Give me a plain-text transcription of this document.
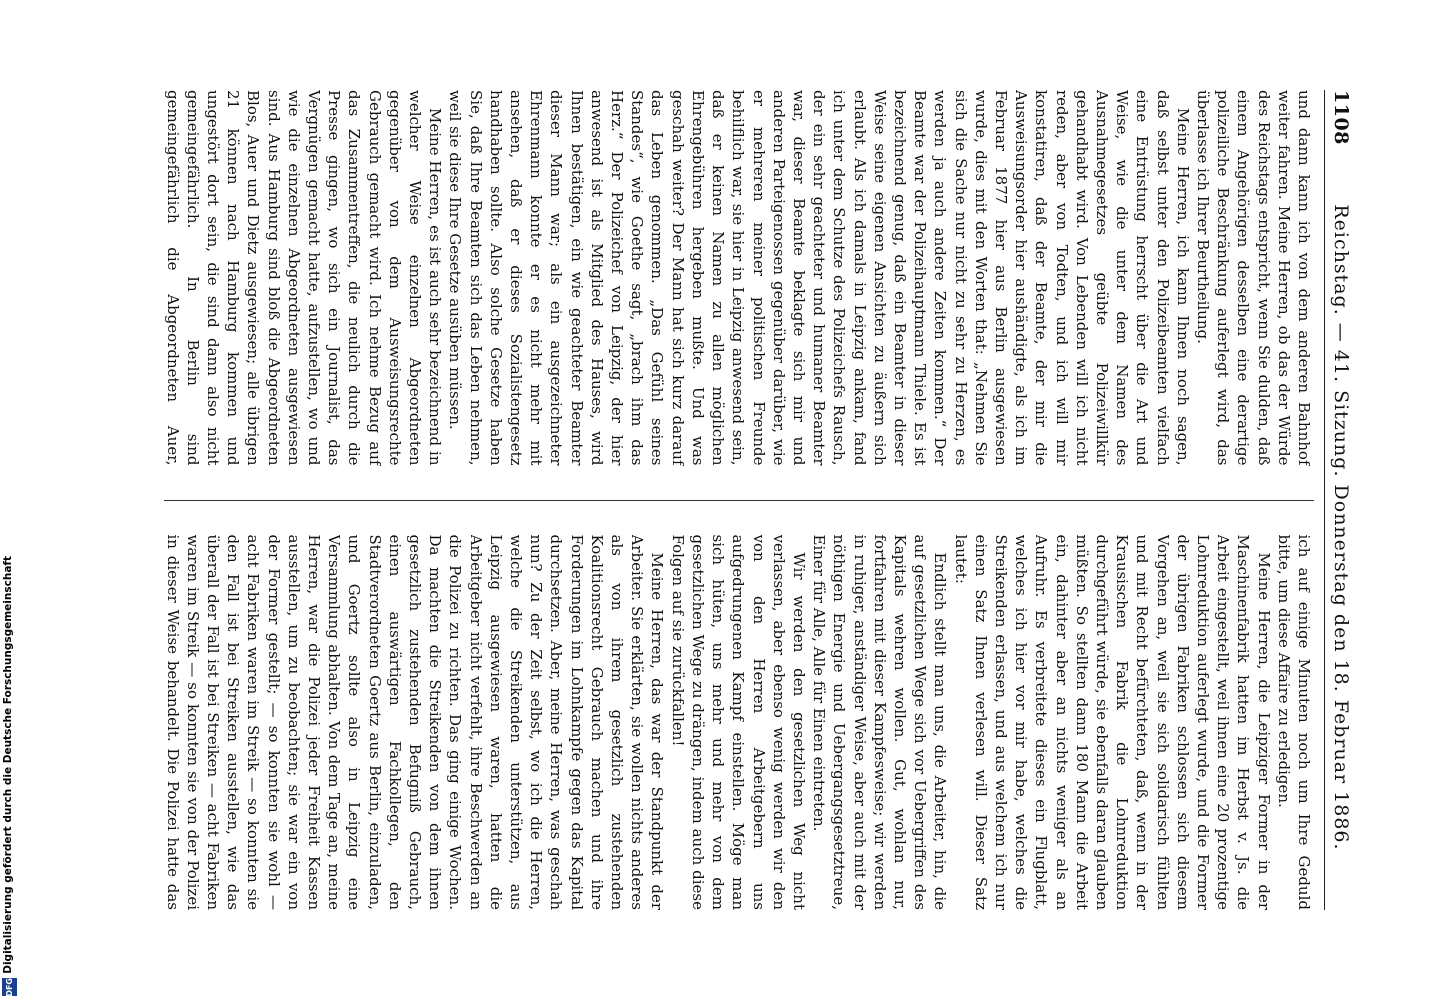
1108
Reichstag. — 41. Sitzung. Donnerstag den 18. Februar 1886.

und dann kann ich von dem anderen Bahnhof weiter fahren. Meine Herren, ob das der Würde des Reichstags entspricht, wenn Sie dulden, daß einem Angehörigen desselben eine derartige polizeiliche Beschränkung auferlegt wird, das überlasse ich Ihrer Beurtheilung.

Meine Herren, ich kann Ihnen noch sagen, daß selbst unter den Polizeibeamten vielfach eine Entrüstung herrscht über die Art und Weise, wie die unter dem Namen des Ausnahmegesetzes geübte Polizeiwillkür gehandhabt wird. Von Lebenden will ich nicht reden, aber von Todten, und ich will mir konstatiren, daß der Beamte, der mir die Ausweisungsorder hier aushändigte, als ich im Februar 1877 hier aus Berlin ausgewiesen wurde, dies mit den Worten that: „Nehmen Sie sich die Sache nur nicht zu sehr zu Herzen, es werden ja auch andere Zeiten kommen.“ Der Beamte war der Polizeihauptmann Thiele. Es ist bezeichnend genug, daß ein Beamter in dieser Weise seine eigenen Ansichten zu äußern sich erlaubt. Als ich damals in Leipzig ankam, fand ich unter dem Schutze des Polizeichefs Rausch, der ein sehr geachteter und humaner Beamter war, dieser Beamte beklagte sich mir und anderen Parteigenossen gegenüber darüber, wie er mehreren meiner politischen Freunde behilflich war, sie hier in Leipzig anwesend sein, daß er keinen Namen zu allen möglichen Ehrengebühren hergeben mußte. Und was geschah weiter? Der Mann hat sich kurz darauf das Leben genommen. „Das Gefühl seines Standes“, wie Goethe sagt, „brach ihm das Herz.“ Der Polizeichef von Leipzig, der hier anwesend ist als Mitglied des Hauses, wird Ihnen bestätigen, ein wie geachteter Beamter dieser Mann war; als ein ausgezeichneter Ehrenmann konnte er es nicht mehr mit ansehen, daß er dieses Sozialistengesetz handhaben sollte. Also solche Gesetze haben Sie, daß Ihre Beamten sich das Leben nehmen, weil sie diese Ihre Gesetze ausüben müssen.

Meine Herren, es ist auch sehr bezeichnend in welcher Weise einzelnen Abgeordneten gegenüber von dem Ausweisungsrechte Gebrauch gemacht wird. Ich nehme Bezug auf das Zusammentreffen, die neulich durch die Presse gingen, wo sich ein Journalist, das Vergnügen gemacht hatte, aufzustellen, wo und wie die einzelnen Abgeordneten ausgewiesen sind. Aus Hamburg sind bloß die Abgeordneten Blos, Auer und Dietz ausgewiesen; alle übrigen 21 können nach Hamburg kommen und ungestört dort sein, die sind dann also nicht gemeingefährlich. In Berlin sind gemeingefährlich die Abgeordneten Auer,

ich auf einige Minuten noch um Ihre Geduld bitte, um diese Affaire zu erledigen.

Meine Herren, die Leipziger Former in der Maschinenfabrik hatten im Herbst v. Js. die Arbeit eingestellt, weil ihnen eine 20 prozentige Lohnreduktion auferlegt wurde, und die Former der übrigen Fabriken schlossen sich diesem Vorgehen an, weil sie sich solidarisch fühlten und mit Recht befürchteten, daß, wenn in der Krausischen Fabrik die Lohnreduktion durchgeführt würde, sie ebenfalls daran glauben müßten. So stellten dann 180 Mann die Arbeit ein, dahinter aber an nichts weniger als an Aufruhr. Es verbreitete dieses ein Flugblatt, welches ich hier vor mir habe, welches die Streikenden erlassen, und aus welchem ich nur einen Satz Ihnen verlesen will. Dieser Satz lautet:

Endlich stellt man uns, die Arbeiter, hin, die auf gesetzlichen Wege sich vor Uebergriffen des Kapitals wehren wollen. Gut, wohlan nur, fortfahren mit dieser Kampfesweise; wir werden in ruhiger, anständiger Weise, aber auch mit der nöthigen Energie und Uebergangsgesetztreue, Einer für Alle, Alle für Einen eintreten.

Wir werden den gesetzlichen Weg nicht verlassen, aber ebenso wenig werden wir den von den Herren Arbeitgebern uns aufgedrungenen Kampf einstellen. Möge man sich hüten, uns mehr und mehr von dem gesetzlichen Wege zu drängen, indem auch diese Folgen auf sie zurückfallen!

Meine Herren, das war der Standpunkt der Arbeiter. Sie erklärten, sie wollen nichts anderes als von ihrem gesetzlich zustehenden Koalitionsrecht Gebrauch machen und ihre Forderungen im Lohnkampfe gegen das Kapital durchsetzen. Aber, meine Herren, was geschah nun? Zu der Zeit selbst, wo ich die Herren, welche die Streikenden unterstützen, aus Leipzig ausgewiesen waren, hatten die Arbeitgeber nicht verfehlt, ihre Beschwerden an die Polizei zu richten. Das ging einige Wochen. Da machten die Streikenden von dem ihnen gesetzlich zustehenden Befugniß Gebrauch, einen auswärtigen Fachkollegen, den Stadtverordneten Goertz aus Berlin, einzuladen, und Goertz sollte also in Leipzig eine Versammlung abhalten. Von dem Tage an, meine Herren, war die Polizei jeder Freiheit Kassen ausstellen, um zu beobachten; sie war ein von der Former gestellt; — so konnten sie wohl — acht Fabriken waren im Streik — so konnten sie den Fall ist bei Streiken ausstellen, wie das überall der Fall ist bei Streiken — acht Fabriken waren im Streik — so konnten sie von der Polizei in dieser Weise behandelt. Die Polizei hatte das

Digitalisierung gefördert durch die Deutsche Forschungsgemeinschaft
DFG
